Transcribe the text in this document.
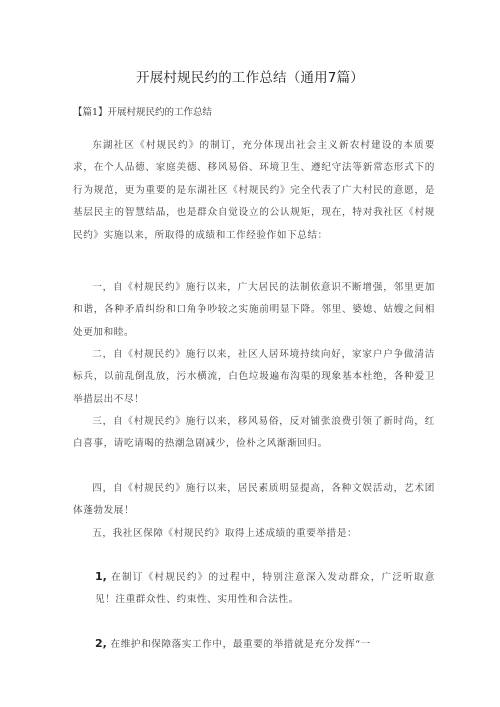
开展村规民约的工作总结（通用7篇）
【篇1】开展村规民约的工作总结

东湖社区《村规民约》的制订，充分体现出社会主义新农村建设的本质要求，在个人品德、家庭美德、移风易俗、环境卫生、遵纪守法等新常态形式下的行为规范，更为重要的是东湖社区《村规民约》完全代表了广大村民的意愿，是基层民主的智慧结晶，也是群众自觉设立的公认规矩，现在，特对我社区《村规民约》实施以来，所取得的成绩和工作经验作如下总结：

一，自《村规民约》施行以来，广大居民的法制依意识不断增强，邻里更加和谐，各种矛盾纠纷和口角争吵较之实施前明显下降。邻里、婆媳、姑嫂之间相处更加和睦。

二，自《村规民约》施行以来，社区人居环境持续向好，家家户户争做清洁标兵，以前乱倒乱放，污水横流，白色垃圾遍布沟渠的现象基本杜绝，各种爱卫举措层出不尽！

三，自《村规民约》施行以来，移风易俗，反对铺张浪费引领了新时尚，红白喜事，请吃请喝的热潮急剧减少，俭朴之风渐渐回归。

四，自《村规民约》施行以来，居民素质明显提高，各种文娱活动，艺术团体蓬勃发展！

五，我社区保障《村规民约》取得上述成绩的重要举措是：

1, 在制订《村规民约》的过程中，特别注意深入发动群众，广泛听取意见！注重群众性、约束性、实用性和合法性。

2, 在维护和保障落实工作中，最重要的举措就是充分发挥“一
